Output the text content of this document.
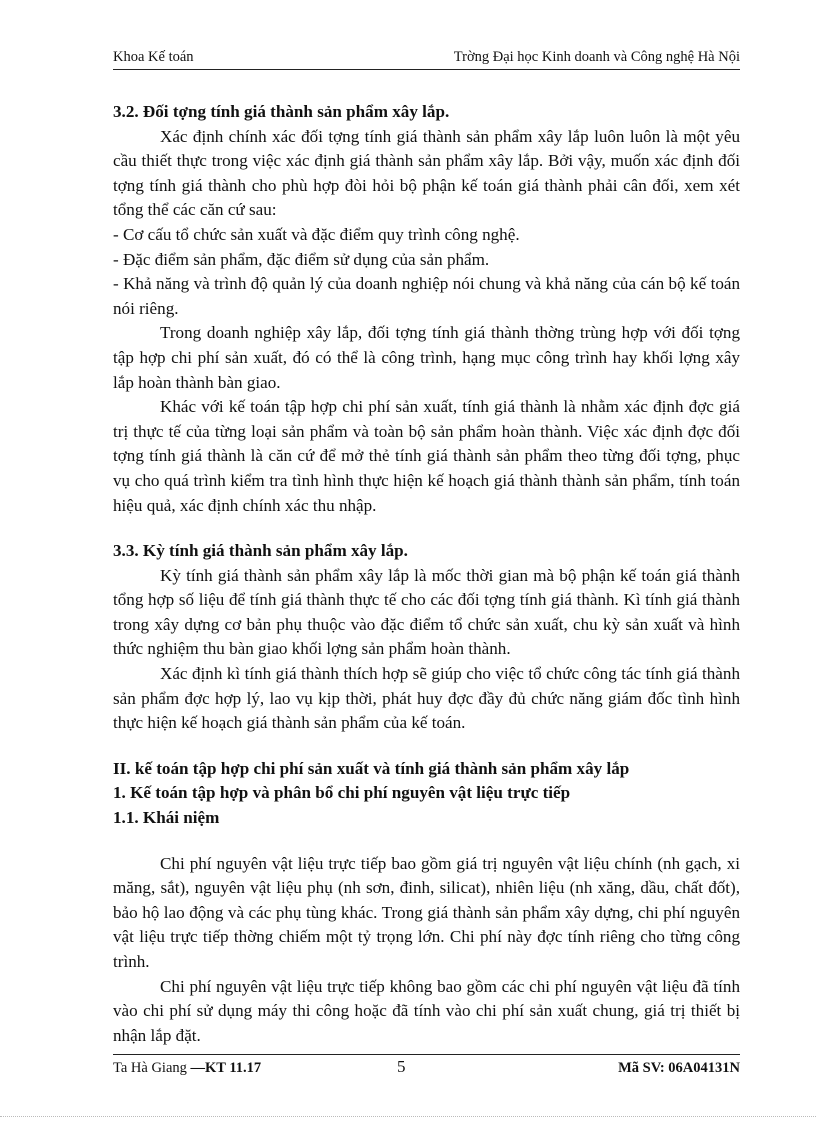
Khoa Kế toán	Trờng Đại học Kinh doanh và Công nghệ Hà Nội

3.2. Đối tợng tính giá thành sản phẩm xây lắp.

Xác định chính xác đối tợng tính giá thành sản phẩm xây lắp luôn luôn là một yêu cầu thiết thực trong việc xác định giá thành sản phẩm xây lắp. Bởi vậy, muốn xác định đối tợng tính giá thành cho phù hợp đòi hỏi bộ phận kế toán giá thành phải cân đối, xem xét tổng thể các căn cứ sau:

- Cơ cấu tổ chức sản xuất và đặc điểm quy trình công nghệ.

- Đặc điểm sản phẩm, đặc điểm sử dụng của sản phẩm.

- Khả năng và trình độ quản lý của doanh nghiệp nói chung và khả năng của cán bộ kế toán nói riêng.

Trong doanh nghiệp xây lắp, đối tợng tính giá thành thờng trùng hợp với đối tợng tập hợp chi phí sản xuất, đó có thể là công trình, hạng mục công trình hay khối lợng xây lắp hoàn thành bàn giao.

Khác với kế toán tập hợp chi phí sản xuất, tính giá thành là nhằm xác định đợc giá trị thực tế của từng loại sản phẩm và toàn bộ sản phẩm hoàn thành. Việc xác định đợc đối tợng tính giá thành là căn cứ để mở thẻ tính giá thành sản phẩm theo từng đối tợng, phục vụ cho quá trình kiểm tra tình hình thực hiện kế hoạch giá thành thành sản phẩm, tính toán hiệu quả, xác định chính xác thu nhập.

3.3. Kỳ tính giá thành sản phẩm xây lắp.

Kỳ tính giá thành sản phẩm xây lắp là mốc thời gian mà bộ phận kế toán giá thành tổng hợp số liệu để tính giá thành thực tế cho các đối tợng tính giá thành. Kì tính giá thành trong xây dựng cơ bản phụ thuộc vào đặc điểm tổ chức sản xuất, chu kỳ sản xuất và hình thức nghiệm thu bàn giao khối lợng sản phẩm hoàn thành.

Xác định kì tính giá thành thích hợp sẽ giúp cho việc tổ chức công tác tính giá thành sản phẩm đợc hợp lý, lao vụ kịp thời, phát huy đợc đầy đủ chức năng giám đốc tình hình thực hiện kế hoạch giá thành sản phẩm của kế toán.

II. kế toán tập hợp chi phí sản xuất và tính giá thành sản phẩm xây lắp

1. Kế toán tập hợp và phân bổ chi phí nguyên vật liệu trực tiếp

1.1. Khái niệm

Chi phí nguyên vật liệu trực tiếp bao gồm giá trị nguyên vật liệu chính (nh gạch, xi măng, sắt), nguyên vật liệu phụ (nh sơn, đinh, silicat), nhiên liệu (nh xăng, dầu, chất đốt), bảo hộ lao động và các phụ tùng khác. Trong giá thành sản phẩm xây dựng, chi phí nguyên vật liệu trực tiếp thờng chiếm một tỷ trọng lớn. Chi phí này đợc tính riêng cho từng công trình.

Chi phí nguyên vật liệu trực tiếp không bao gồm các chi phí nguyên vật liệu đã tính vào chi phí sử dụng máy thi công hoặc đã tính vào chi phí sản xuất chung, giá trị thiết bị nhận lắp đặt.

Ta Hà Giang —KT 11.17	5	Mã SV: 06A04131N
